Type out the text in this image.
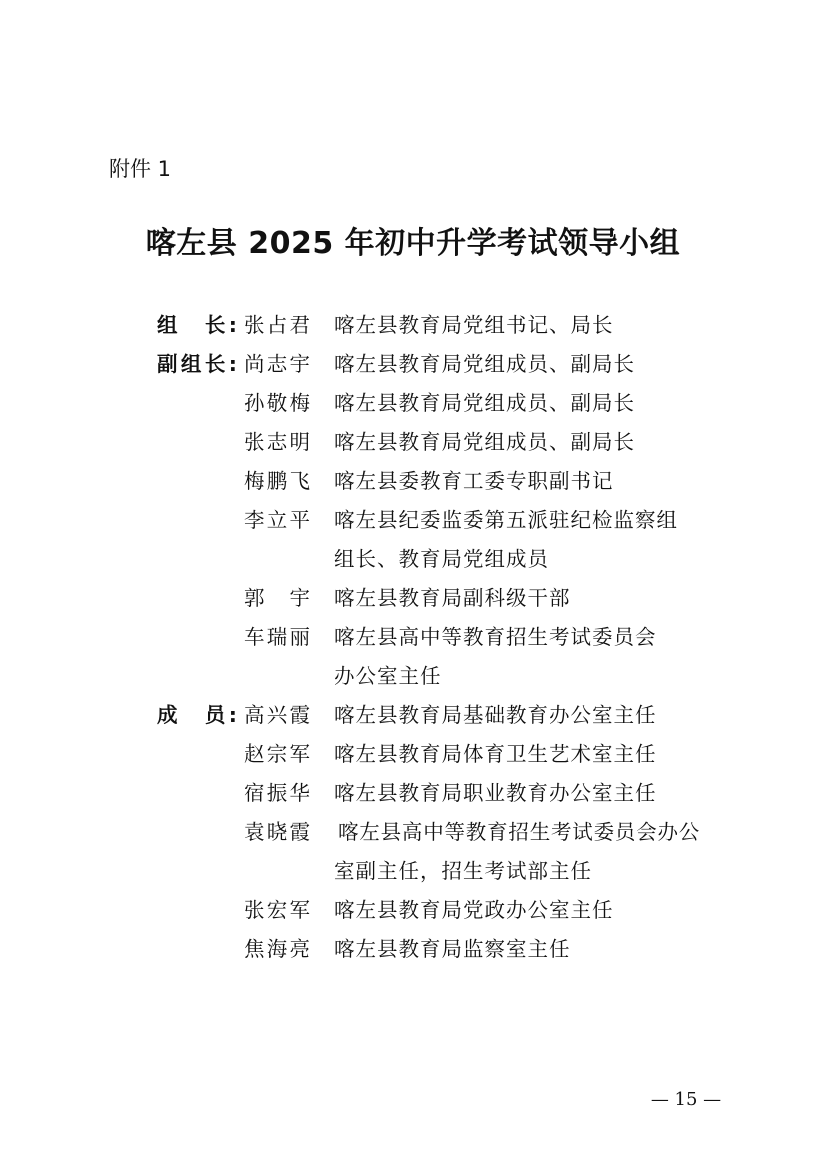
附件 1
喀左县 2025 年初中升学考试领导小组
组　长: 张占君 喀左县教育局党组书记、局长
副组长: 尚志宇 喀左县教育局党组成员、副局长
孙敬梅 喀左县教育局党组成员、副局长
张志明 喀左县教育局党组成员、副局长
梅鹏飞 喀左县委教育工委专职副书记
李立平 喀左县纪委监委第五派驻纪检监察组
组长、教育局党组成员
郭　宇 喀左县教育局副科级干部
车瑞丽 喀左县高中等教育招生考试委员会
办公室主任
成　员: 高兴霞 喀左县教育局基础教育办公室主任
赵宗军 喀左县教育局体育卫生艺术室主任
宿振华 喀左县教育局职业教育办公室主任
袁晓霞 喀左县高中等教育招生考试委员会办公
室副主任，招生考试部主任
张宏军 喀左县教育局党政办公室主任
焦海亮 喀左县教育局监察室主任
— 15 —
